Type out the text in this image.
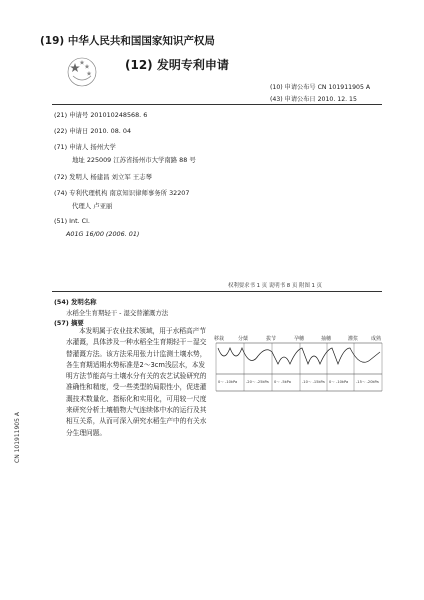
(19) 中华人民共和国国家知识产权局
(12) 发明专利申请
(10) 申请公布号 CN 101911905 A
(43) 申请公布日 2010. 12. 15
(21) 申请号 201010248568. 6
(22) 申请日 2010. 08. 04
(71) 申请人 扬州大学
地址 225009 江苏省扬州市大学南路 88 号
(72) 发明人 杨建昌 刘立军 王志琴
(74) 专利代理机构 南京知识律师事务所 32207
代理人 卢亚丽
(51) Int. Cl.
A01G 16/00 (2006. 01)
权利要求书 1 页 说明书 8 页 附图 1 页
(54) 发明名称
水稻全生育期轻干 - 湿交替灌溉方法
(57) 摘要
本发明属于农业技术领域，用于水稻高产节水灌溉，具体涉及一种水稻全生育期轻干－湿交替灌溉方法。该方法采用张力计监测土壤水势，各生育期适期水势标准是2～3cm浅层水，本发明方法节能高与土壤水分有关的农艺试验研究的准确性和精度，受一些类型的局限性小，促进灌溉技术数量化、指标化和实用化，可用较一尺度来研究分析土壤植物大气连续体中水的运行及其相互关系，从而可深入研究水稻生产中的有关水分生理问题。
移栽	分蘖	拔节	孕穗	抽穗	灌浆	成熟
0～ -10kPa -20～ -25kPa 0～ -5kPa	-10～ -15kPa 0～ -10kPa -15～ -20kPa
CN 101911905 A
